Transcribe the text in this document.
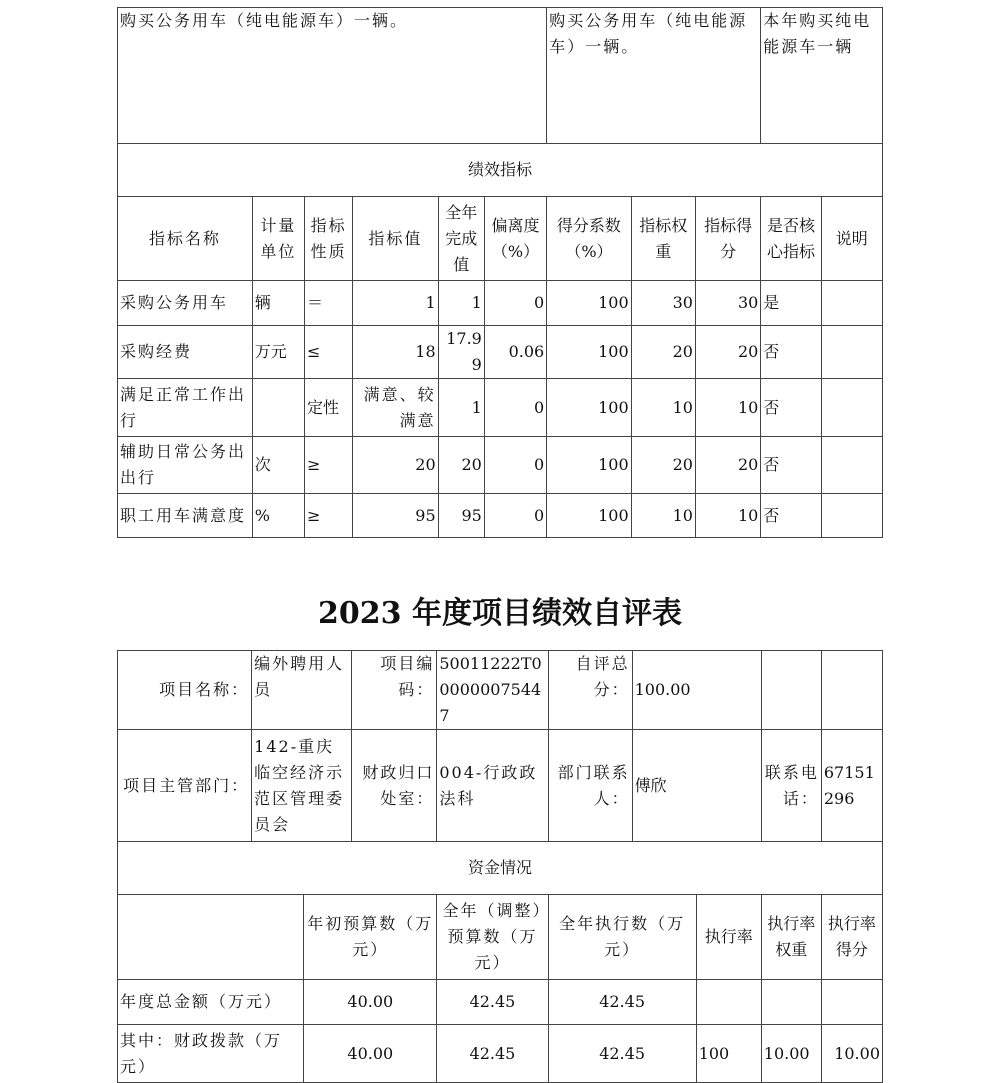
购买公务用车（纯电能源车）一辆。						购买公务用车（纯电能源车）一辆。			本年购买纯电能源车一辆	
绩效指标										
指标名称	计量单位	指标性质	指标值	全年完成值	偏离度（%）	得分系数（%）	指标权重	指标得分	是否核心指标	说明
采购公务用车	辆	＝	1	1	0	100	30	30	是	
采购经费	万元	≤	18	17.99	0.06	100	20	20	否	
满足正常工作出行		定性	满意、较满意	1	0	100	10	10	否	
辅助日常公务出出行	次	≥	20	20	0	100	20	20	否	
职工用车满意度	%	≥	95	95	0	100	10	10	否	
2023 年度项目绩效自评表
项目名称：	编外聘用人员		项目编码：	50011222T000000075447	自评总分：	100.00			
项目主管部门：	142-重庆临空经济示范区管理委员会		财政归口处室：	004-行政政法科	部门联系人：	傅欣		联系电话：	67151296
资金情况									
		年初预算数（万元）		全年（调整）预算数（万元）	全年执行数（万元）		执行率	执行率权重	执行率得分
年度总金额（万元）		40.00		42.45	42.45				
其中：财政拨款（万元）		40.00		42.45	42.45		100	10.00	10.00
